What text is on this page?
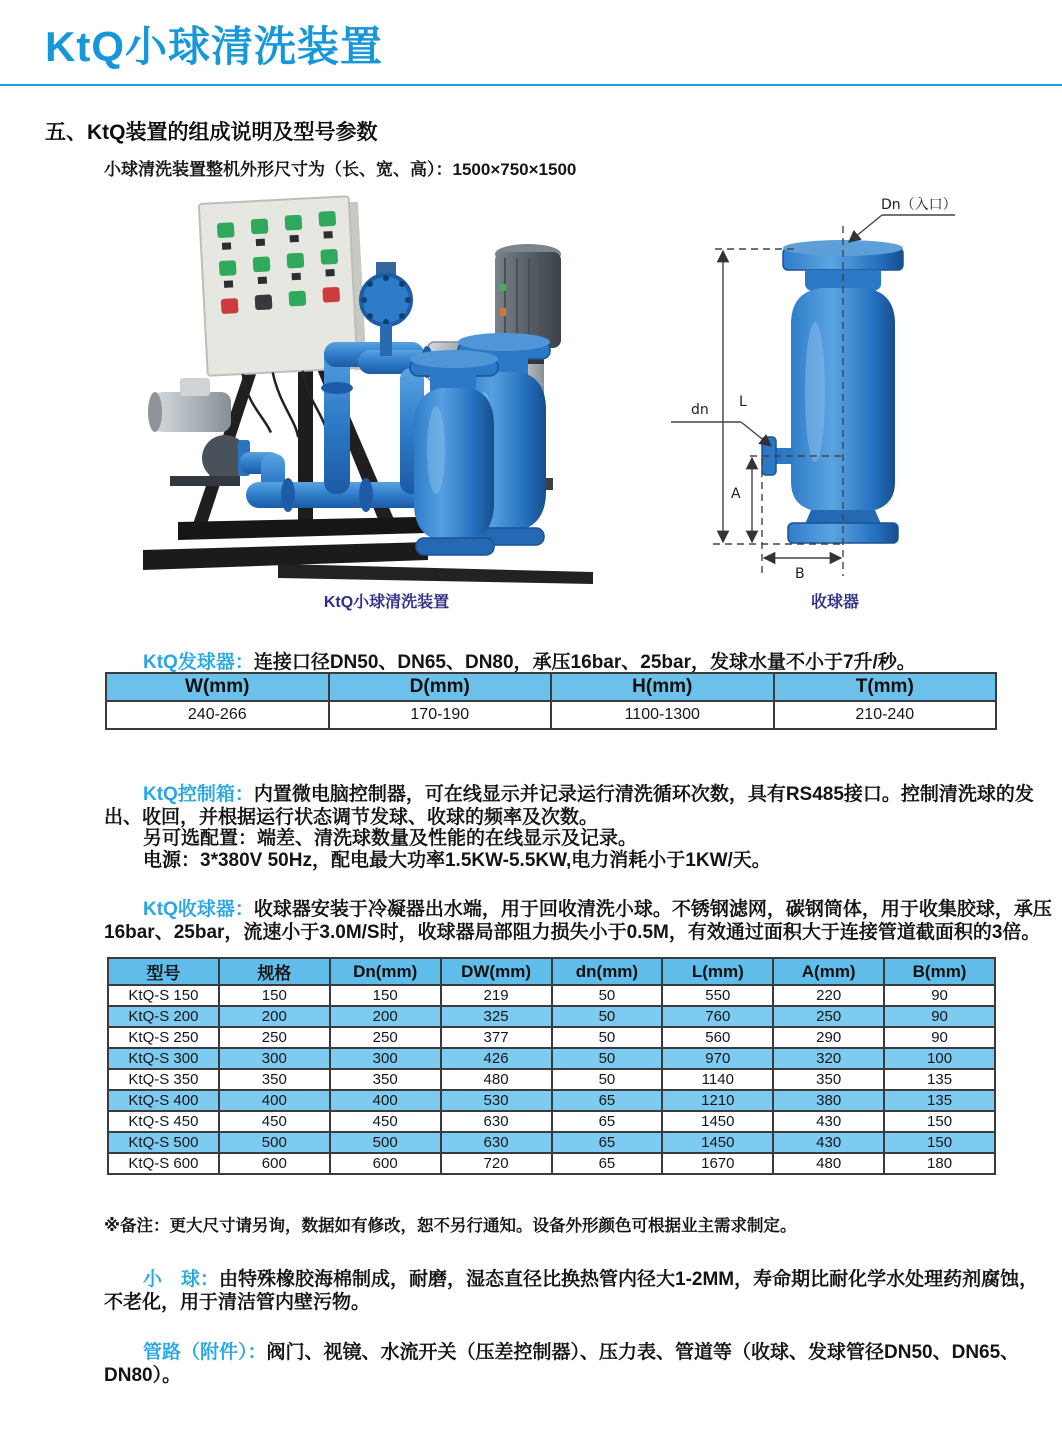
KtQ小球清洗装置
五、KtQ装置的组成说明及型号参数
小球清洗装置整机外形尺寸为（长、宽、高）：1500×750×1500
L
A
B
dn
Dn（入口）
KtQ小球清洗装置	收球器

KtQ发球器：连接口径DN50、DN65、DN80，承压16bar、25bar，发球水量不小于7升/秒。

W(mm)	D(mm)	H(mm)	T(mm)
240-266	170-190	1100-1300	210-240

KtQ控制箱：内置微电脑控制器，可在线显示并记录运行清洗循环次数，具有RS485接口。控制清洗球的发出、收回，并根据运行状态调节发球、收球的频率及次数。

另可选配置：端差、清洗球数量及性能的在线显示及记录。

电源：3*380V 50Hz，配电最大功率1.5KW-5.5KW,电力消耗小于1KW/天。

KtQ收球器：收球器安装于冷凝器出水端，用于回收清洗小球。不锈钢滤网，碳钢筒体，用于收集胶球，承压16bar、25bar，流速小于3.0M/S时，收球器局部阻力损失小于0.5M，有效通过面积大于连接管道截面积的3倍。

型号	规格	Dn(mm)	DW(mm)	dn(mm)	L(mm)	A(mm)	B(mm)
KtQ-S 150	150	150	219	50	550	220	90
KtQ-S 200	200	200	325	50	760	250	90
KtQ-S 250	250	250	377	50	560	290	90
KtQ-S 300	300	300	426	50	970	320	100
KtQ-S 350	350	350	480	50	1140	350	135
KtQ-S 400	400	400	530	65	1210	380	135
KtQ-S 450	450	450	630	65	1450	430	150
KtQ-S 500	500	500	630	65	1450	430	150
KtQ-S 600	600	600	720	65	1670	480	180

※备注：更大尺寸请另询，数据如有修改，恕不另行通知。设备外形颜色可根据业主需求制定。

小　球：由特殊橡胶海棉制成，耐磨，湿态直径比换热管内径大1-2MM，寿命期比耐化学水处理药剂腐蚀，不老化，用于清洁管内壁污物。

管路（附件）：阀门、视镜、水流开关（压差控制器）、压力表、管道等（收球、发球管径DN50、DN65、DN80）。
